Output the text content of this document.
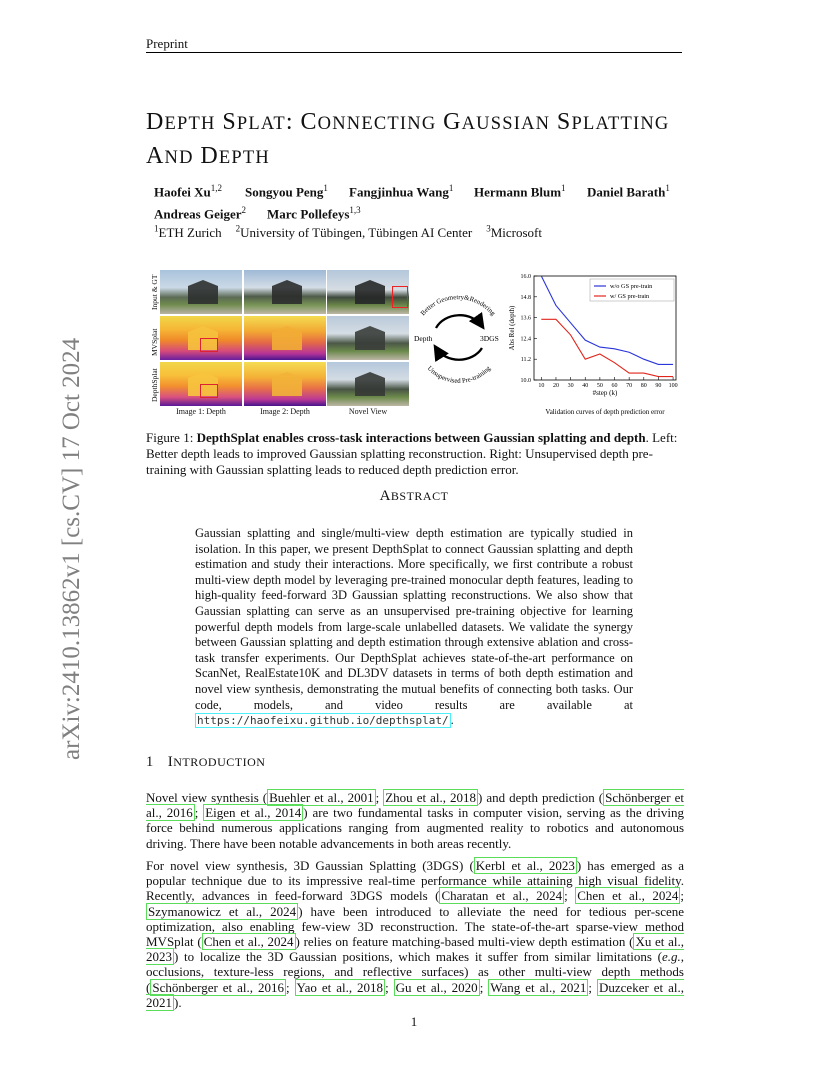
Preprint
DEPTH SPLAT: CONNECTING GAUSSIAN SPLATTING
AND DEPTH
Haofei Xu$^{1,2}$ Songyou Peng$^1$ Fangjinhua Wang$^1$ Hermann Blum$^1$ Daniel Barath$^1$
Andreas Geiger$^2$ Marc Pollefeys$^{1,3}$
$^1$ETH Zurich $^2$University of Tübingen, Tübingen AI Center $^3$Microsoft
Input & GT
MVSplat
DepthSplat
Image 1: Depth	Image 2: Depth	Novel View
Better Geometry&Rendering
Unsupervised Pre-training
Depth	3DGS
10.0
11.2
12.4
13.6
14.8
16.0
10 20 30 40 50 60 70 80 90 100
#step (k)
Abs Rel (depth)
Validation curves of depth prediction error
w/o GS pre-train
w/ GS pre-train
Figure 1: DepthSplat enables cross-task interactions between Gaussian splatting and depth. Left: Better depth leads to improved Gaussian splatting reconstruction. Right: Unsupervised depth pre-training with Gaussian splatting leads to reduced depth prediction error.
ABSTRACT
Gaussian splatting and single/multi-view depth estimation are typically studied in isolation. In this paper, we present DepthSplat to connect Gaussian splatting and depth estimation and study their interactions. More specifically, we first contribute a robust multi-view depth model by leveraging pre-trained monocular depth features, leading to high-quality feed-forward 3D Gaussian splatting reconstructions. We also show that Gaussian splatting can serve as an unsupervised pre-training objective for learning powerful depth models from large-scale unlabelled datasets. We validate the synergy between Gaussian splatting and depth estimation through extensive ablation and cross-task transfer experiments. Our DepthSplat achieves state-of-the-art performance on ScanNet, RealEstate10K and DL3DV datasets in terms of both depth estimation and novel view synthesis, demonstrating the mutual benefits of connecting both tasks. Our code, models, and video results are available at https://haofeixu.github.io/depthsplat/ .
1 INTRODUCTION
Novel view synthesis ( Buehler et al., 2001 ; Zhou et al., 2018 ) and depth prediction ( Schönberger et al., 2016 ; Eigen et al., 2014 ) are two fundamental tasks in computer vision, serving as the driving force behind numerous applications ranging from augmented reality to robotics and autonomous driving. There have been notable advancements in both areas recently.
For novel view synthesis, 3D Gaussian Splatting (3DGS) ( Kerbl et al., 2023 ) has emerged as a popular technique due to its impressive real-time performance while attaining high visual fidelity. Recently, advances in feed-forward 3DGS models ( Charatan et al., 2024 ; Chen et al., 2024 ; Szymanowicz et al., 2024 ) have been introduced to alleviate the need for tedious per-scene optimization, also enabling few-view 3D reconstruction. The state-of-the-art sparse-view method MVSplat ( Chen et al., 2024 ) relies on feature matching-based multi-view depth estimation ( Xu et al., 2023 ) to localize the 3D Gaussian positions, which makes it suffer from similar limitations (e.g., occlusions, texture-less regions, and reflective surfaces) as other multi-view depth methods ( Schönberger et al., 2016 ; Yao et al., 2018 ; Gu et al., 2020 ; Wang et al., 2021 ; Duzceker et al., 2021 ).
1
arXiv:2410.13862v1 [cs.CV] 17 Oct 2024
